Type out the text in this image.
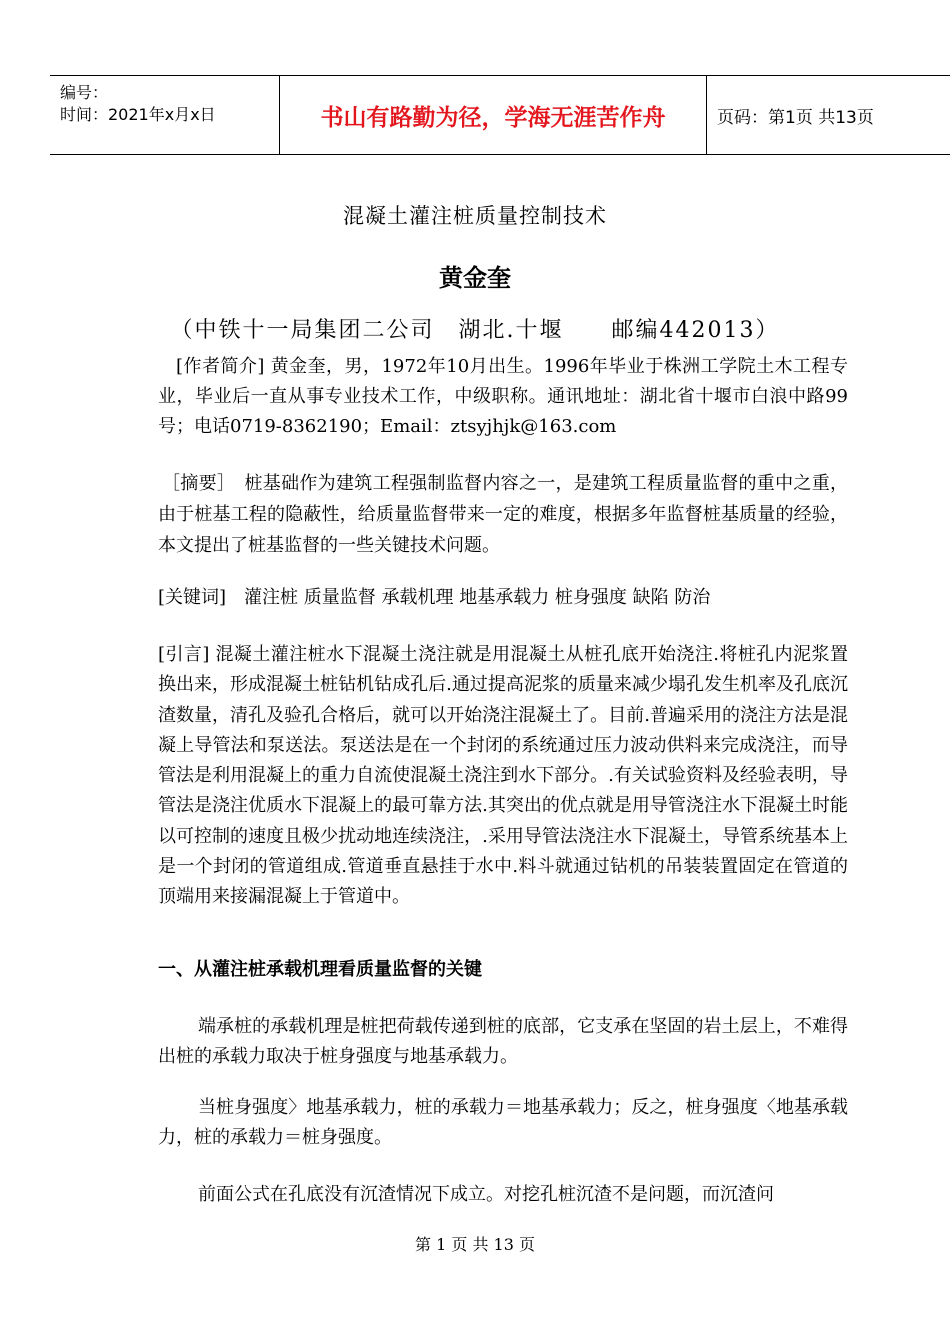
编号：
时间：2021年x月x日	书山有路勤为径，学海无涯苦作舟	页码：第1页 共13页
混凝土灌注桩质量控制技术
黄金奎
（中铁十一局集团二公司　湖北.十堰　　邮编442013）
[作者简介] 黄金奎，男，1972年10月出生。1996年毕业于株洲工学院土木工程专业，毕业后一直从事专业技术工作，中级职称。通讯地址：湖北省十堰市白浪中路99号；电话0719-8362190；Email：ztsyjhjk@163.com
［摘要］　桩基础作为建筑工程强制监督内容之一，是建筑工程质量监督的重中之重，由于桩基工程的隐蔽性，给质量监督带来一定的难度，根据多年监督桩基质量的经验，本文提出了桩基监督的一些关键技术问题。
[关键词]　灌注桩 质量监督 承载机理 地基承载力 桩身强度 缺陷 防治
[引言] 混凝土灌注桩水下混凝土浇注就是用混凝土从桩孔底开始浇注.将桩孔内泥浆置换出来，形成混凝土桩钻机钻成孔后.通过提高泥浆的质量来减少塌孔发生机率及孔底沉渣数量，清孔及验孔合格后，就可以开始浇注混凝土了。目前.普遍采用的浇注方法是混凝上导管法和泵送法。泵送法是在一个封闭的系统通过压力波动供料来完成浇注，而导管法是利用混凝上的重力自流使混凝土浇注到水下部分。.有关试验资料及经验表明，导管法是浇注优质水下混凝上的最可靠方法.其突出的优点就是用导管浇注水下混凝土时能以可控制的速度且极少扰动地连续浇注，.采用导管法浇注水下混凝土，导管系统基本上是一个封闭的管道组成.管道垂直悬挂于水中.料斗就通过钻机的吊装装置固定在管道的顶端用来接漏混凝上于管道中。
一、从灌注桩承载机理看质量监督的关键
端承桩的承载机理是桩把荷载传递到桩的底部，它支承在坚固的岩土层上，不难得出桩的承载力取决于桩身强度与地基承载力。
当桩身强度〉地基承载力，桩的承载力＝地基承载力；反之，桩身强度〈地基承载力，桩的承载力＝桩身强度。
前面公式在孔底没有沉渣情况下成立。对挖孔桩沉渣不是问题，而沉渣问
第 1 页 共 13 页
